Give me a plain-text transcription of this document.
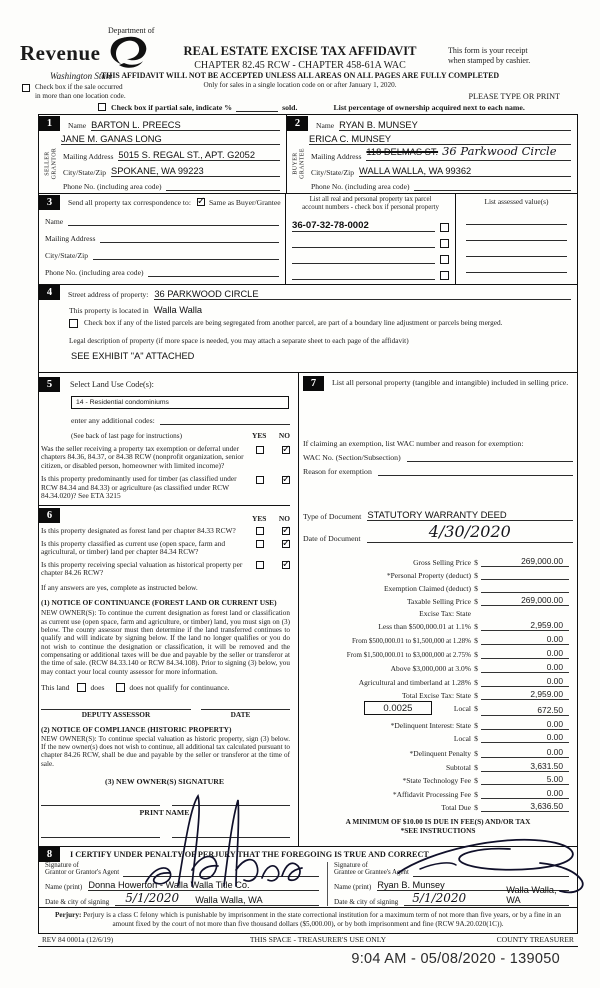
Department of
Revenue
Washington State
REAL ESTATE EXCISE TAX AFFIDAVIT
CHAPTER 82.45 RCW - CHAPTER 458-61A WAC
This form is your receipt
when stamped by cashier.
THIS AFFIDAVIT WILL NOT BE ACCEPTED UNLESS ALL AREAS ON ALL PAGES ARE FULLY COMPLETED
Only for sales in a single location code on or after January 1, 2020.
Check box if the sale occurred
in more than one location code.	PLEASE TYPE OR PRINT
Check box if partial sale, indicate %	sold.	List percentage of ownership acquired next to each name.
SELLER GRANTOR
1	Name BARTON L. PREECS
JANE M. GANAS LONG
Mailing Address 5015 S. REGAL ST., APT. G2052
City/State/Zip SPOKANE, WA 99223
Phone No. (including area code)
BUYER GRANTEE
2	Name RYAN B. MUNSEY
ERICA C. MUNSEY
Mailing Address 118 DELMAS ST. 36 Parkwood Circle
City/State/Zip WALLA WALLA, WA 99362
Phone No. (including area code)
3	Send all property tax correspondence to: ✓ Same as Buyer/Grantee
Name
Mailing Address
City/State/Zip
Phone No. (including area code)
List all real and personal property tax parcel
account numbers - check box if personal property
36-07-32-78-0002
List assessed value(s)
4	Street address of property: 36 PARKWOOD CIRCLE
This property is located in Walla Walla
Check box if any of the listed parcels are being segregated from another parcel, are part of a boundary line adjustment or parcels being merged.
Legal description of property (if more space is needed, you may attach a separate sheet to each page of the affidavit)
SEE EXHIBIT "A" ATTACHED
5	Select Land Use Code(s):
14 - Residential condominiums
enter any additional codes:
(See back of last page for instructions)	YES NO
Was the seller receiving a property tax exemption or deferral under chapters 84.36, 84.37, or 84.38 RCW (nonprofit organization, senior citizen, or disabled person, homeowner with limited income)?
✓
Is this property predominantly used for timber (as classified under RCW 84.34 and 84.33) or agriculture (as classified under RCW 84.34.020)? See ETA 3215
✓
6	YES NO
Is this property designated as forest land per chapter 84.33 RCW?
✓
Is this property classified as current use (open space, farm and agricultural, or timber) land per chapter 84.34 RCW?
✓
Is this property receiving special valuation as historical property per chapter 84.26 RCW?
✓
If any answers are yes, complete as instructed below.
(1) NOTICE OF CONTINUANCE (FOREST LAND OR CURRENT USE)
NEW OWNER(S): To continue the current designation as forest land or classification as current use (open space, farm and agriculture, or timber) land, you must sign on (3) below. The county assessor must then determine if the land transferred continues to qualify and will indicate by signing below. If the land no longer qualifies or you do not wish to continue the designation or classification, it will be removed and the compensating or additional taxes will be due and payable by the seller or transferor at the time of sale. (RCW 84.33.140 or RCW 84.34.108). Prior to signing (3) below, you may contact your local county assessor for more information.
This land	does	does not qualify for continuance.
DEPUTY ASSESSOR	DATE
(2) NOTICE OF COMPLIANCE (HISTORIC PROPERTY)
NEW OWNER(S): To continue special valuation as historic property, sign (3) below. If the new owner(s) does not wish to continue, all additional tax calculated pursuant to chapter 84.26 RCW, shall be due and payable by the seller or transferor at the time of sale.
(3) NEW OWNER(S) SIGNATURE
PRINT NAME
7	List all personal property (tangible and intangible) included in selling price.
If claiming an exemption, list WAC number and reason for exemption:
WAC No. (Section/Subsection)
Reason for exemption
Type of Document STATUTORY WARRANTY DEED
Date of Document	4/30/2020
Gross Selling Price $	269,000.00
*Personal Property (deduct) $
Exemption Claimed (deduct) $
Taxable Selling Price $	269,000.00
Excise Tax: State
Less than $500,000.01 at 1.1% $	2,959.00
From $500,000.01 to $1,500,000 at 1.28% $	0.00
From $1,500,000.01 to $3,000,000 at 2.75% $	0.00
Above $3,000,000 at 3.0% $	0.00
Agricultural and timberland at 1.28% $	0.00
Total Excise Tax: State $	2,959.00
0.0025	Local $	672.50
*Delinquent Interest: State $	0.00
Local $	0.00
*Delinquent Penalty $	0.00
Subtotal $	3,631.50
*State Technology Fee $	5.00
*Affidavit Processing Fee $	0.00
Total Due $	3,636.50
A MINIMUM OF $10.00 IS DUE IN FEE(S) AND/OR TAX
*SEE INSTRUCTIONS
8	I CERTIFY UNDER PENALTY OF PERJURY THAT THE FOREGOING IS TRUE AND CORRECT
Signature of
Grantor or Grantor's Agent
Name (print) Donna Howerton - Walla Walla Title Co.
Date & city of signing 5/1/2020 Walla Walla, WA
Signature of
Grantee or Grantee's Agent
Name (print) Ryan B. Munsey
Date & city of signing 5/1/2020
Walla Walla, WA
Perjury: Perjury is a class C felony which is punishable by imprisonment in the state correctional institution for a maximum term of not more than five years, or by a fine in an amount fixed by the court of not more than five thousand dollars ($5,000.00), or by both imprisonment and fine (RCW 9A.20.020(1C)).
REV 84 0001a (12/6/19)	THIS SPACE - TREASURER'S USE ONLY	COUNTY TREASURER
9:04 AM - 05/08/2020 - 139050
